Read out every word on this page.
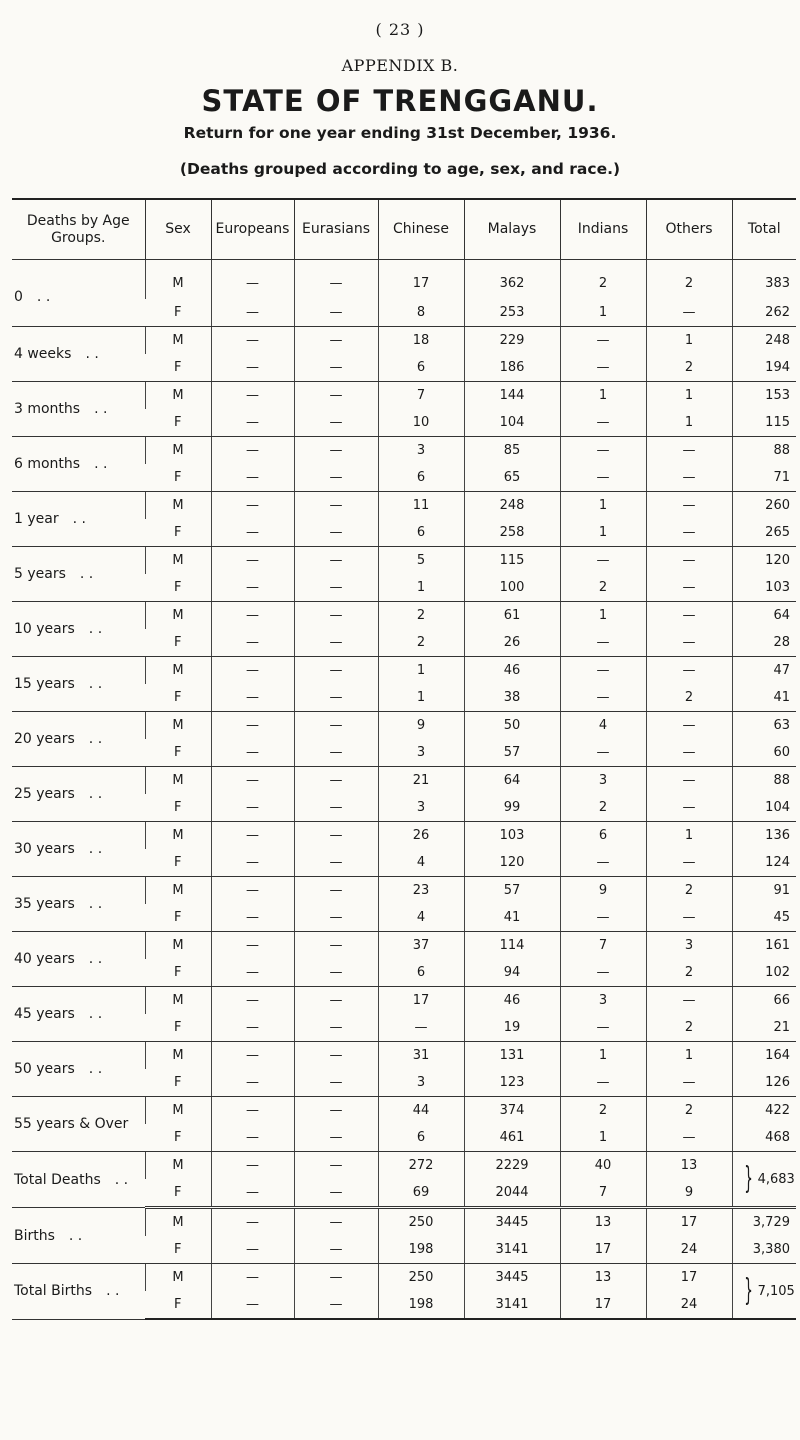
( 23 )
APPENDIX B.
STATE OF TRENGGANU.
Return for one year ending 31st December, 1936.
(Deaths grouped according to age, sex, and race.)
Deaths by Age Groups.	Sex	Europeans	Eurasians	Chinese	Malays	Indians	Others	Total
0 . .	M	—	—	17	362	2	2	383
	F	—	—	8	253	1	—	262
4 weeks . .	M	—	—	18	229	—	1	248
	F	—	—	6	186	—	2	194
3 months . .	M	—	—	7	144	1	1	153
	F	—	—	10	104	—	1	115
6 months . .	M	—	—	3	85	—	—	88
	F	—	—	6	65	—	—	71
1 year . .	M	—	—	11	248	1	—	260
	F	—	—	6	258	1	—	265
5 years . .	M	—	—	5	115	—	—	120
	F	—	—	1	100	2	—	103
10 years . .	M	—	—	2	61	1	—	64
	F	—	—	2	26	—	—	28
15 years . .	M	—	—	1	46	—	—	47
	F	—	—	1	38	—	2	41
20 years . .	M	—	—	9	50	4	—	63
	F	—	—	3	57	—	—	60
25 years . .	M	—	—	21	64	3	—	88
	F	—	—	3	99	2	—	104
30 years . .	M	—	—	26	103	6	1	136
	F	—	—	4	120	—	—	124
35 years . .	M	—	—	23	57	9	2	91
	F	—	—	4	41	—	—	45
40 years . .	M	—	—	37	114	7	3	161
	F	—	—	6	94	—	2	102
45 years . .	M	—	—	17	46	3	—	66
	F	—	—	—	19	—	2	21
50 years . .	M	—	—	31	131	1	1	164
	F	—	—	3	123	—	—	126
55 years & Over	M	—	—	44	374	2	2	422
	F	—	—	6	461	1	—	468
Total Deaths . .	M	—	—	272	2229	40	13	} 4,683

	F	—	—	69	2044	7	9	
Births . .	M	—	—	250	3445	13	17	3,729
	F	—	—	198	3141	17	24	3,380
Total Births . .	M	—	—	250	3445	13	17	} 7,105

	F	—	—	198	3141	17	24	
